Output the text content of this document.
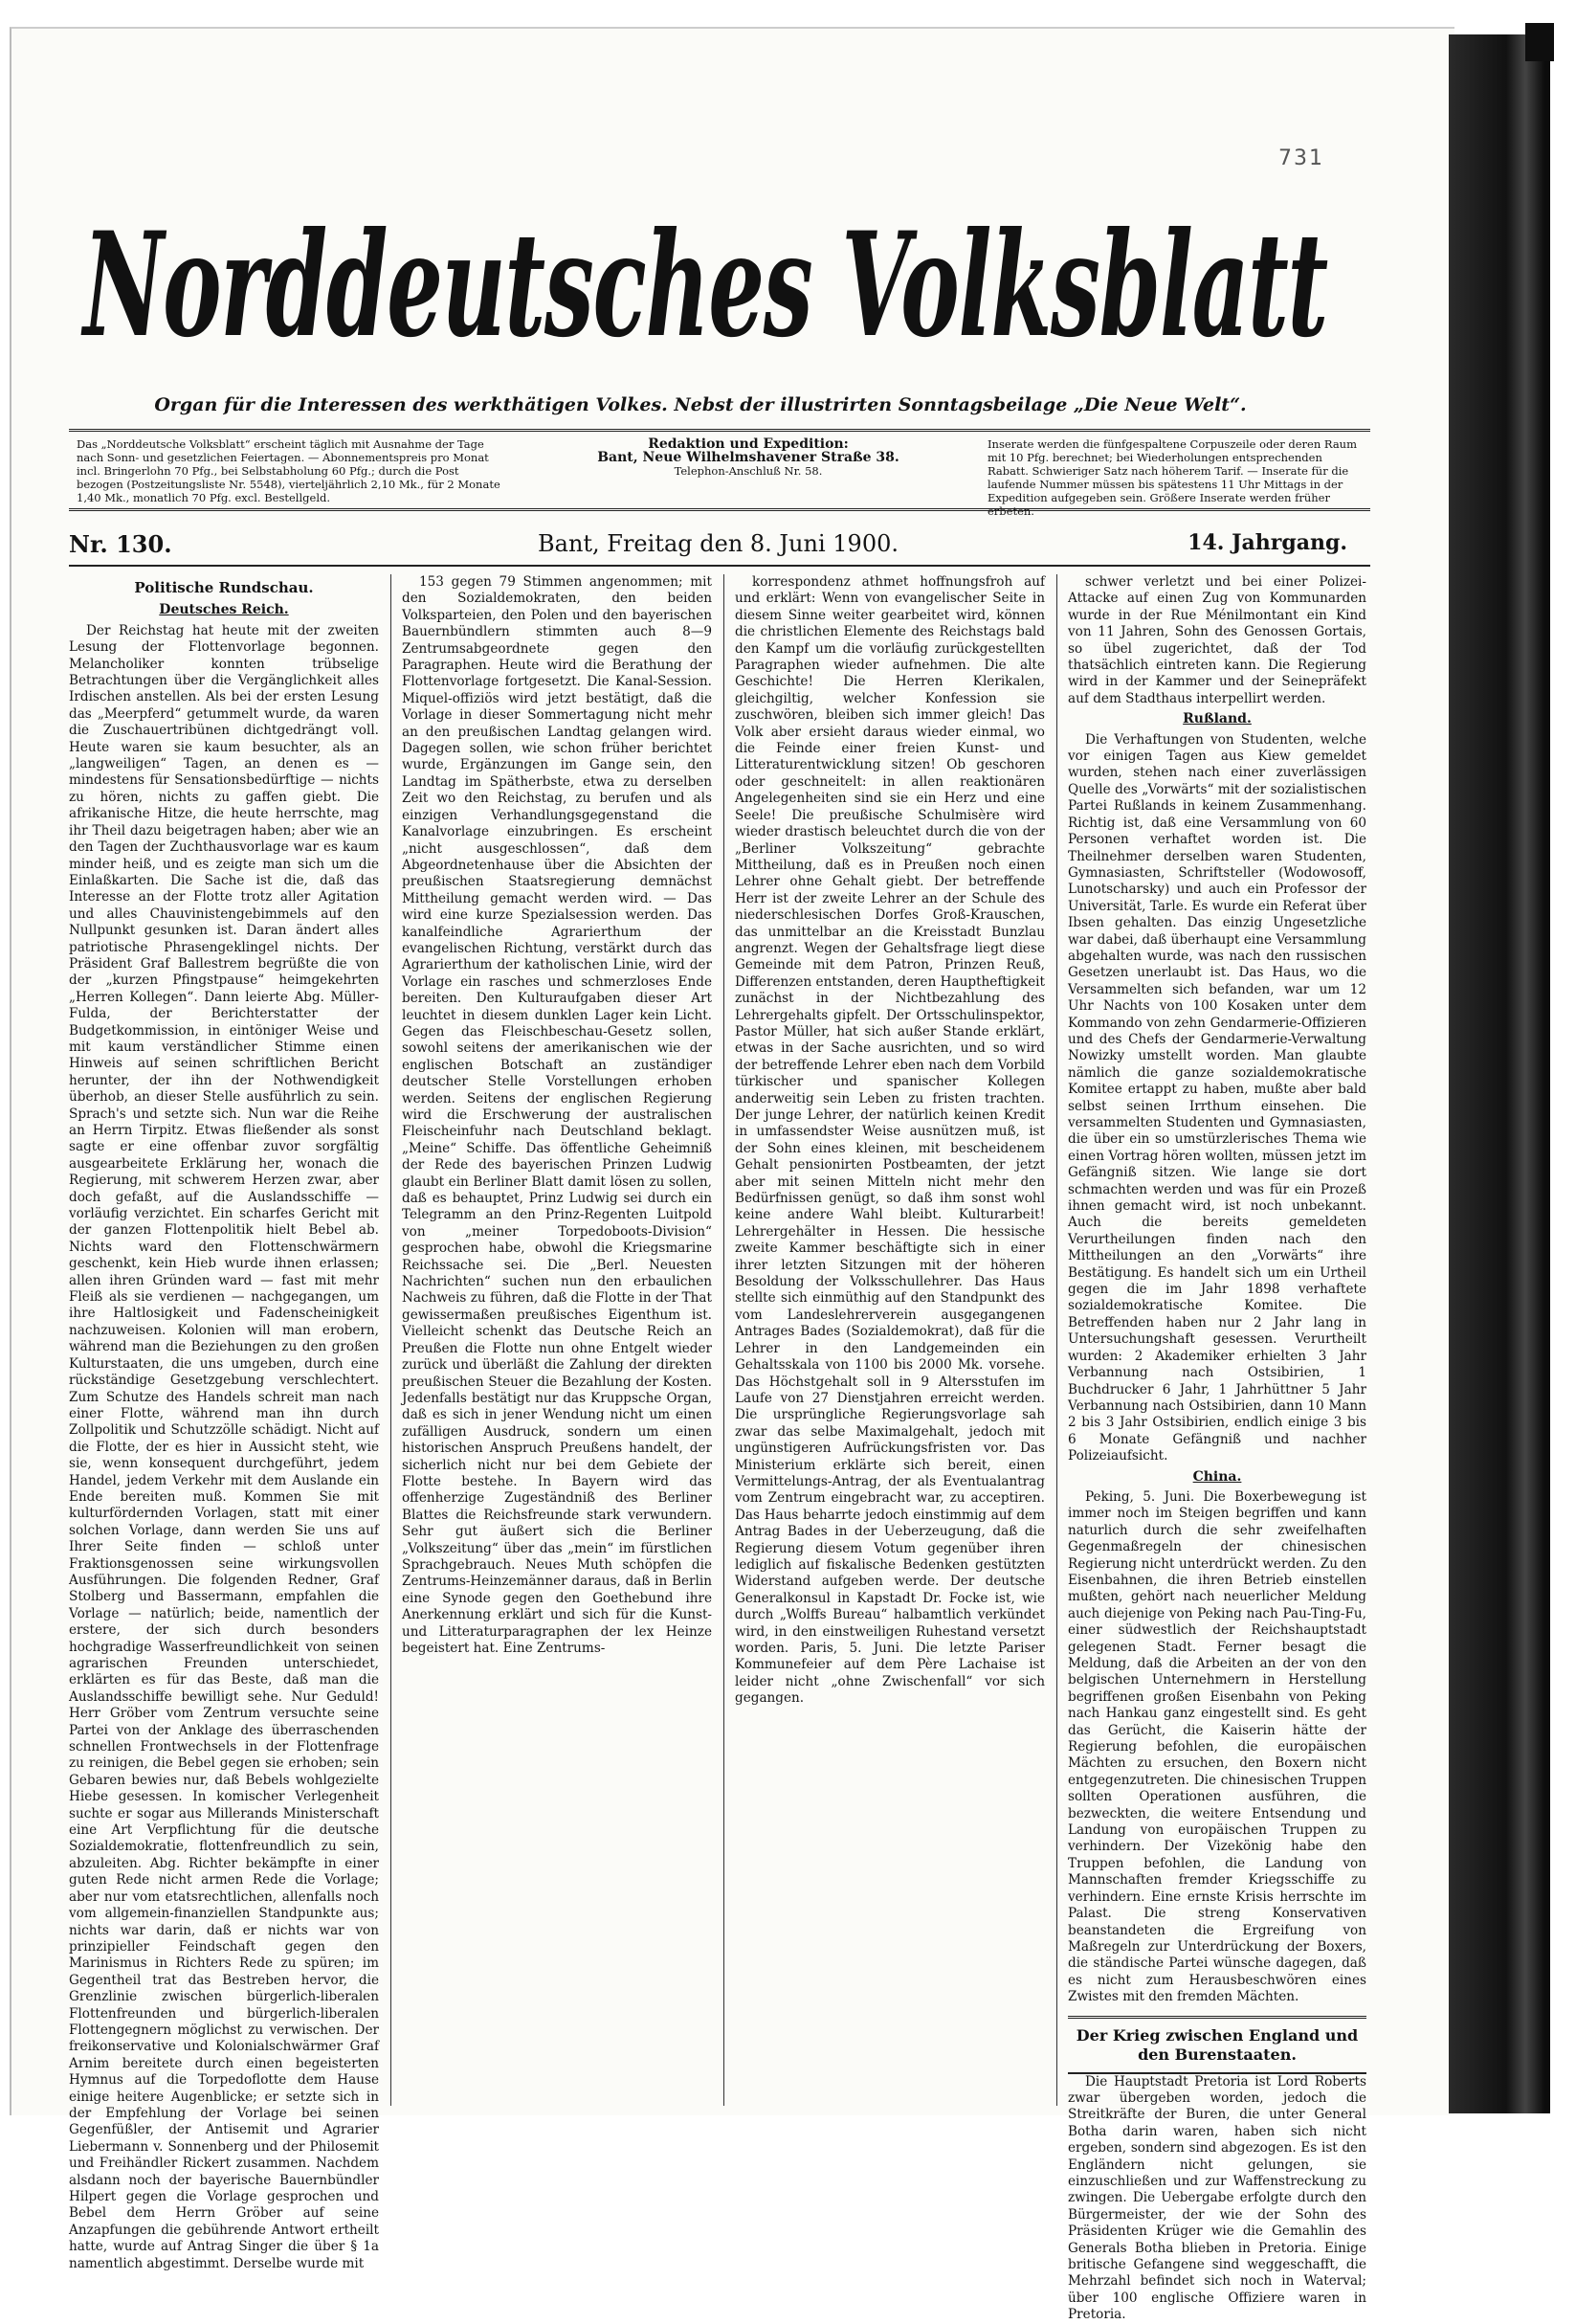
731
Norddeutsches Volksblatt
Organ für die Interessen des werkthätigen Volkes. Nebst der illustrirten Sonntagsbeilage „Die Neue Welt“.
Das „Norddeutsche Volksblatt“ erscheint täglich mit Ausnahme der Tage nach Sonn- und gesetzlichen Feiertagen. — Abonnementspreis pro Monat incl. Bringerlohn 70 Pfg., bei Selbstabholung 60 Pfg.; durch die Post bezogen (Postzeitungsliste Nr. 5548), vierteljährlich 2,10 Mk., für 2 Monate 1,40 Mk., monatlich 70 Pfg. excl. Bestellgeld.
Redaktion und Expedition:
Bant, Neue Wilhelmshavener Straße 38.
Telephon-Anschluß Nr. 58.
Inserate werden die fünfgespaltene Corpuszeile oder deren Raum mit 10 Pfg. berechnet; bei Wiederholungen entsprechenden Rabatt. Schwieriger Satz nach höherem Tarif. — Inserate für die laufende Nummer müssen bis spätestens 11 Uhr Mittags in der Expedition aufgegeben sein. Größere Inserate werden früher erbeten.
Nr. 130.	Bant, Freitag den 8. Juni 1900.	14. Jahrgang.
Politische Rundschau.
Deutsches Reich.

Der Reichstag hat heute mit der zweiten Lesung der Flottenvorlage begonnen. Melancholiker konnten trübselige Betrachtungen über die Vergänglichkeit alles Irdischen anstellen. Als bei der ersten Lesung das „Meerpferd“ getummelt wurde, da waren die Zuschauertribünen dichtgedrängt voll. Heute waren sie kaum besuchter, als an „langweiligen“ Tagen, an denen es — mindestens für Sensationsbedürftige — nichts zu hören, nichts zu gaffen giebt. Die afrikanische Hitze, die heute herrschte, mag ihr Theil dazu beigetragen haben; aber wie an den Tagen der Zuchthausvorlage war es kaum minder heiß, und es zeigte man sich um die Einlaßkarten. Die Sache ist die, daß das Interesse an der Flotte trotz aller Agitation und alles Chauvinistengebimmels auf den Nullpunkt gesunken ist. Daran ändert alles patriotische Phrasengeklingel nichts. Der Präsident Graf Ballestrem begrüßte die von der „kurzen Pfingstpause“ heimgekehrten „Herren Kollegen“. Dann leierte Abg. Müller-Fulda, der Berichterstatter der Budgetkommission, in eintöniger Weise und mit kaum verständlicher Stimme einen Hinweis auf seinen schriftlichen Bericht herunter, der ihn der Nothwendigkeit überhob, an dieser Stelle ausführlich zu sein. Sprach's und setzte sich. Nun war die Reihe an Herrn Tirpitz. Etwas fließender als sonst sagte er eine offenbar zuvor sorgfältig ausgearbeitete Erklärung her, wonach die Regierung, mit schwerem Herzen zwar, aber doch gefaßt, auf die Auslandsschiffe — vorläufig verzichtet. Ein scharfes Gericht mit der ganzen Flottenpolitik hielt Bebel ab. Nichts ward den Flottenschwärmern geschenkt, kein Hieb wurde ihnen erlassen; allen ihren Gründen ward — fast mit mehr Fleiß als sie verdienen — nachgegangen, um ihre Haltlosigkeit und Fadenscheinigkeit nachzuweisen. Kolonien will man erobern, während man die Beziehungen zu den großen Kulturstaaten, die uns umgeben, durch eine rückständige Gesetzgebung verschlechtert. Zum Schutze des Handels schreit man nach einer Flotte, während man ihn durch Zollpolitik und Schutzzölle schädigt. Nicht auf die Flotte, der es hier in Aussicht steht, wie sie, wenn konsequent durchgeführt, jedem Handel, jedem Verkehr mit dem Auslande ein Ende bereiten muß. Kommen Sie mit kulturfördernden Vorlagen, statt mit einer solchen Vorlage, dann werden Sie uns auf Ihrer Seite finden — schloß unter Fraktionsgenossen seine wirkungsvollen Ausführungen. Die folgenden Redner, Graf Stolberg und Bassermann, empfahlen die Vorlage — natürlich; beide, namentlich der erstere, der sich durch besonders hochgradige Wasserfreundlichkeit von seinen agrarischen Freunden unterschiedet, erklärten es für das Beste, daß man die Auslandsschiffe bewilligt sehe. Nur Geduld! Herr Gröber vom Zentrum versuchte seine Partei von der Anklage des überraschenden schnellen Frontwechsels in der Flottenfrage zu reinigen, die Bebel gegen sie erhoben; sein Gebaren bewies nur, daß Bebels wohlgezielte Hiebe gesessen. In komischer Verlegenheit suchte er sogar aus Millerands Ministerschaft eine Art Verpflichtung für die deutsche Sozialdemokratie, flottenfreundlich zu sein, abzuleiten. Abg. Richter bekämpfte in einer guten Rede nicht armen Rede die Vorlage; aber nur vom etatsrechtlichen, allenfalls noch vom allgemein-finanziellen Standpunkte aus; nichts war darin, daß er nichts war von prinzipieller Feindschaft gegen den Marinismus in Richters Rede zu spüren; im Gegentheil trat das Bestreben hervor, die Grenzlinie zwischen bürgerlich-liberalen Flottenfreunden und bürgerlich-liberalen Flottengegnern möglichst zu verwischen. Der freikonservative und Kolonialschwärmer Graf Arnim bereitete durch einen begeisterten Hymnus auf die Torpedoflotte dem Hause einige heitere Augenblicke; er setzte sich in der Empfehlung der Vorlage bei seinen Gegenfüßler, der Antisemit und Agrarier Liebermann v. Sonnenberg und der Philosemit und Freihändler Rickert zusammen. Nachdem alsdann noch der bayerische Bauernbündler Hilpert gegen die Vorlage gesprochen und Bebel dem Herrn Gröber auf seine Anzapfungen die gebührende Antwort ertheilt hatte, wurde auf Antrag Singer die über § 1a namentlich abgestimmt. Derselbe wurde mit

153 gegen 79 Stimmen angenommen; mit den Sozialdemokraten, den beiden Volksparteien, den Polen und den bayerischen Bauernbündlern stimmten auch 8—9 Zentrumsabgeordnete gegen den Paragraphen. Heute wird die Berathung der Flottenvorlage fortgesetzt. Die Kanal-Session. Miquel-offiziös wird jetzt bestätigt, daß die Vorlage in dieser Sommertagung nicht mehr an den preußischen Landtag gelangen wird. Dagegen sollen, wie schon früher berichtet wurde, Ergänzungen im Gange sein, den Landtag im Spätherbste, etwa zu derselben Zeit wo den Reichstag, zu berufen und als einzigen Verhandlungsgegenstand die Kanalvorlage einzubringen. Es erscheint „nicht ausgeschlossen“, daß dem Abgeordnetenhause über die Absichten der preußischen Staatsregierung demnächst Mittheilung gemacht werden wird. — Das wird eine kurze Spezialsession werden. Das kanalfeindliche Agrarierthum der evangelischen Richtung, verstärkt durch das Agrarierthum der katholischen Linie, wird der Vorlage ein rasches und schmerzloses Ende bereiten. Den Kulturaufgaben dieser Art leuchtet in diesem dunklen Lager kein Licht. Gegen das Fleischbeschau-Gesetz sollen, sowohl seitens der amerikanischen wie der englischen Botschaft an zuständiger deutscher Stelle Vorstellungen erhoben werden. Seitens der englischen Regierung wird die Erschwerung der australischen Fleischeinfuhr nach Deutschland beklagt. „Meine“ Schiffe. Das öffentliche Geheimniß der Rede des bayerischen Prinzen Ludwig glaubt ein Berliner Blatt damit lösen zu sollen, daß es behauptet, Prinz Ludwig sei durch ein Telegramm an den Prinz-Regenten Luitpold von „meiner Torpedoboots-Division“ gesprochen habe, obwohl die Kriegsmarine Reichssache sei. Die „Berl. Neuesten Nachrichten“ suchen nun den erbaulichen Nachweis zu führen, daß die Flotte in der That gewissermaßen preußisches Eigenthum ist. Vielleicht schenkt das Deutsche Reich an Preußen die Flotte nun ohne Entgelt wieder zurück und überläßt die Zahlung der direkten preußischen Steuer die Bezahlung der Kosten. Jedenfalls bestätigt nur das Kruppsche Organ, daß es sich in jener Wendung nicht um einen zufälligen Ausdruck, sondern um einen historischen Anspruch Preußens handelt, der sicherlich nicht nur bei dem Gebiete der Flotte bestehe. In Bayern wird das offenherzige Zugeständniß des Berliner Blattes die Reichsfreunde stark verwundern. Sehr gut äußert sich die Berliner „Volkszeitung“ über das „mein“ im fürstlichen Sprachgebrauch. Neues Muth schöpfen die Zentrums-Heinzemänner daraus, daß in Berlin eine Synode gegen den Goethebund ihre Anerkennung erklärt und sich für die Kunst- und Litteraturparagraphen der lex Heinze begeistert hat. Eine Zentrums-

korrespondenz athmet hoffnungsfroh auf und erklärt: Wenn von evangelischer Seite in diesem Sinne weiter gearbeitet wird, können die christlichen Elemente des Reichstags bald den Kampf um die vorläufig zurückgestellten Paragraphen wieder aufnehmen. Die alte Geschichte! Die Herren Klerikalen, gleichgiltig, welcher Konfession sie zuschwören, bleiben sich immer gleich! Das Volk aber ersieht daraus wieder einmal, wo die Feinde einer freien Kunst- und Litteraturentwicklung sitzen! Ob geschoren oder geschneitelt: in allen reaktionären Angelegenheiten sind sie ein Herz und eine Seele! Die preußische Schulmisère wird wieder drastisch beleuchtet durch die von der „Berliner Volkszeitung“ gebrachte Mittheilung, daß es in Preußen noch einen Lehrer ohne Gehalt giebt. Der betreffende Herr ist der zweite Lehrer an der Schule des niederschlesischen Dorfes Groß-Krauschen, das unmittelbar an die Kreisstadt Bunzlau angrenzt. Wegen der Gehaltsfrage liegt diese Gemeinde mit dem Patron, Prinzen Reuß, Differenzen entstanden, deren Hauptheftigkeit zunächst in der Nichtbezahlung des Lehrergehalts gipfelt. Der Ortsschulinspektor, Pastor Müller, hat sich außer Stande erklärt, etwas in der Sache ausrichten, und so wird der betreffende Lehrer eben nach dem Vorbild türkischer und spanischer Kollegen anderweitig sein Leben zu fristen trachten. Der junge Lehrer, der natürlich keinen Kredit in umfassendster Weise ausnützen muß, ist der Sohn eines kleinen, mit bescheidenem Gehalt pensionirten Postbeamten, der jetzt aber mit seinen Mitteln nicht mehr den Bedürfnissen genügt, so daß ihm sonst wohl keine andere Wahl bleibt. Kulturarbeit! Lehrergehälter in Hessen. Die hessische zweite Kammer beschäftigte sich in einer ihrer letzten Sitzungen mit der höheren Besoldung der Volksschullehrer. Das Haus stellte sich einmüthig auf den Standpunkt des vom Landeslehrerverein ausgegangenen Antrages Bades (Sozialdemokrat), daß für die Lehrer in den Landgemeinden ein Gehaltsskala von 1100 bis 2000 Mk. vorsehe. Das Höchstgehalt soll in 9 Altersstufen im Laufe von 27 Dienstjahren erreicht werden. Die ursprüngliche Regierungsvorlage sah zwar das selbe Maximalgehalt, jedoch mit ungünstigeren Aufrückungsfristen vor. Das Ministerium erklärte sich bereit, einen Vermittelungs-Antrag, der als Eventualantrag vom Zentrum eingebracht war, zu acceptiren. Das Haus beharrte jedoch einstimmig auf dem Antrag Bades in der Ueberzeugung, daß die Regierung diesem Votum gegenüber ihren lediglich auf fiskalische Bedenken gestützten Widerstand aufgeben werde. Der deutsche Generalkonsul in Kapstadt Dr. Focke ist, wie durch „Wolffs Bureau“ halbamtlich verkündet wird, in den einstweiligen Ruhestand versetzt worden. Paris, 5. Juni. Die letzte Pariser Kommunefeier auf dem Père Lachaise ist leider nicht „ohne Zwischenfall“ vor sich gegangen.

schwer verletzt und bei einer Polizei-Attacke auf einen Zug von Kommunarden wurde in der Rue Ménilmontant ein Kind von 11 Jahren, Sohn des Genossen Gortais, so übel zugerichtet, daß der Tod thatsächlich eintreten kann. Die Regierung wird in der Kammer und der Seinepräfekt auf dem Stadthaus interpellirt werden.

Rußland.

Die Verhaftungen von Studenten, welche vor einigen Tagen aus Kiew gemeldet wurden, stehen nach einer zuverlässigen Quelle des „Vorwärts“ mit der sozialistischen Partei Rußlands in keinem Zusammenhang. Richtig ist, daß eine Versammlung von 60 Personen verhaftet worden ist. Die Theilnehmer derselben waren Studenten, Gymnasiasten, Schriftsteller (Wodowosoff, Lunotscharsky) und auch ein Professor der Universität, Tarle. Es wurde ein Referat über Ibsen gehalten. Das einzig Ungesetzliche war dabei, daß überhaupt eine Versammlung abgehalten wurde, was nach den russischen Gesetzen unerlaubt ist. Das Haus, wo die Versammelten sich befanden, war um 12 Uhr Nachts von 100 Kosaken unter dem Kommando von zehn Gendarmerie-Offizieren und des Chefs der Gendarmerie-Verwaltung Nowizky umstellt worden. Man glaubte nämlich die ganze sozialdemokratische Komitee ertappt zu haben, mußte aber bald selbst seinen Irrthum einsehen. Die versammelten Studenten und Gymnasiasten, die über ein so umstürzlerisches Thema wie einen Vortrag hören wollten, müssen jetzt im Gefängniß sitzen. Wie lange sie dort schmachten werden und was für ein Prozeß ihnen gemacht wird, ist noch unbekannt. Auch die bereits gemeldeten Verurtheilungen finden nach den Mittheilungen an den „Vorwärts“ ihre Bestätigung. Es handelt sich um ein Urtheil gegen die im Jahr 1898 verhaftete sozialdemokratische Komitee. Die Betreffenden haben nur 2 Jahr lang in Untersuchungshaft gesessen. Verurtheilt wurden: 2 Akademiker erhielten 3 Jahr Verbannung nach Ostsibirien, 1 Buchdrucker 6 Jahr, 1 Jahrhüttner 5 Jahr Verbannung nach Ostsibirien, dann 10 Mann 2 bis 3 Jahr Ostsibirien, endlich einige 3 bis 6 Monate Gefängniß und nachher Polizeiaufsicht.

China.

Peking, 5. Juni. Die Boxerbewegung ist immer noch im Steigen begriffen und kann naturlich durch die sehr zweifelhaften Gegenmaßregeln der chinesischen Regierung nicht unterdrückt werden. Zu den Eisenbahnen, die ihren Betrieb einstellen mußten, gehört nach neuerlicher Meldung auch diejenige von Peking nach Pau-Ting-Fu, einer südwestlich der Reichshauptstadt gelegenen Stadt. Ferner besagt die Meldung, daß die Arbeiten an der von den belgischen Unternehmern in Herstellung begriffenen großen Eisenbahn von Peking nach Hankau ganz eingestellt sind. Es geht das Gerücht, die Kaiserin hätte der Regierung befohlen, die europäischen Mächten zu ersuchen, den Boxern nicht entgegenzutreten. Die chinesischen Truppen sollten Operationen ausführen, die bezweckten, die weitere Entsendung und Landung von europäischen Truppen zu verhindern. Der Vizekönig habe den Truppen befohlen, die Landung von Mannschaften fremder Kriegsschiffe zu verhindern. Eine ernste Krisis herrschte im Palast. Die streng Konservativen beanstandeten die Ergreifung von Maßregeln zur Unterdrückung der Boxers, die ständische Partei wünsche dagegen, daß es nicht zum Herausbeschwören eines Zwistes mit den fremden Mächten.

Der Krieg zwischen England und den Burenstaaten.

Die Hauptstadt Pretoria ist Lord Roberts zwar übergeben worden, jedoch die Streitkräfte der Buren, die unter General Botha darin waren, haben sich nicht ergeben, sondern sind abgezogen. Es ist den Engländern nicht gelungen, sie einzuschließen und zur Waffenstreckung zu zwingen. Die Uebergabe erfolgte durch den Bürgermeister, der wie der Sohn des Präsidenten Krüger wie die Gemahlin des Generals Botha blieben in Pretoria. Einige britische Gefangene sind weggeschafft, die Mehrzahl befindet sich noch in Waterval; über 100 englische Offiziere waren in Pretoria.
